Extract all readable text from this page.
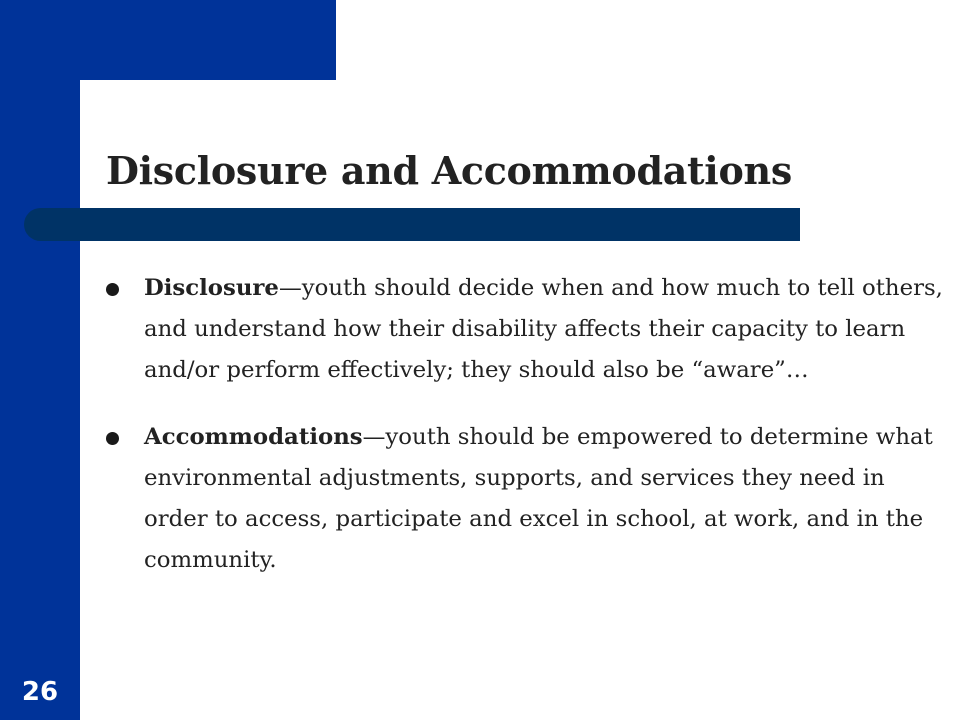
Disclosure and Accommodations
Disclosure—youth should decide when and how much to tell others, and understand how their disability affects their capacity to learn and/or perform effectively; they should also be “aware”…
Accommodations—youth should be empowered to determine what environmental adjustments, supports, and services they need in order to access, participate and excel in school, at work, and in the community.
26
